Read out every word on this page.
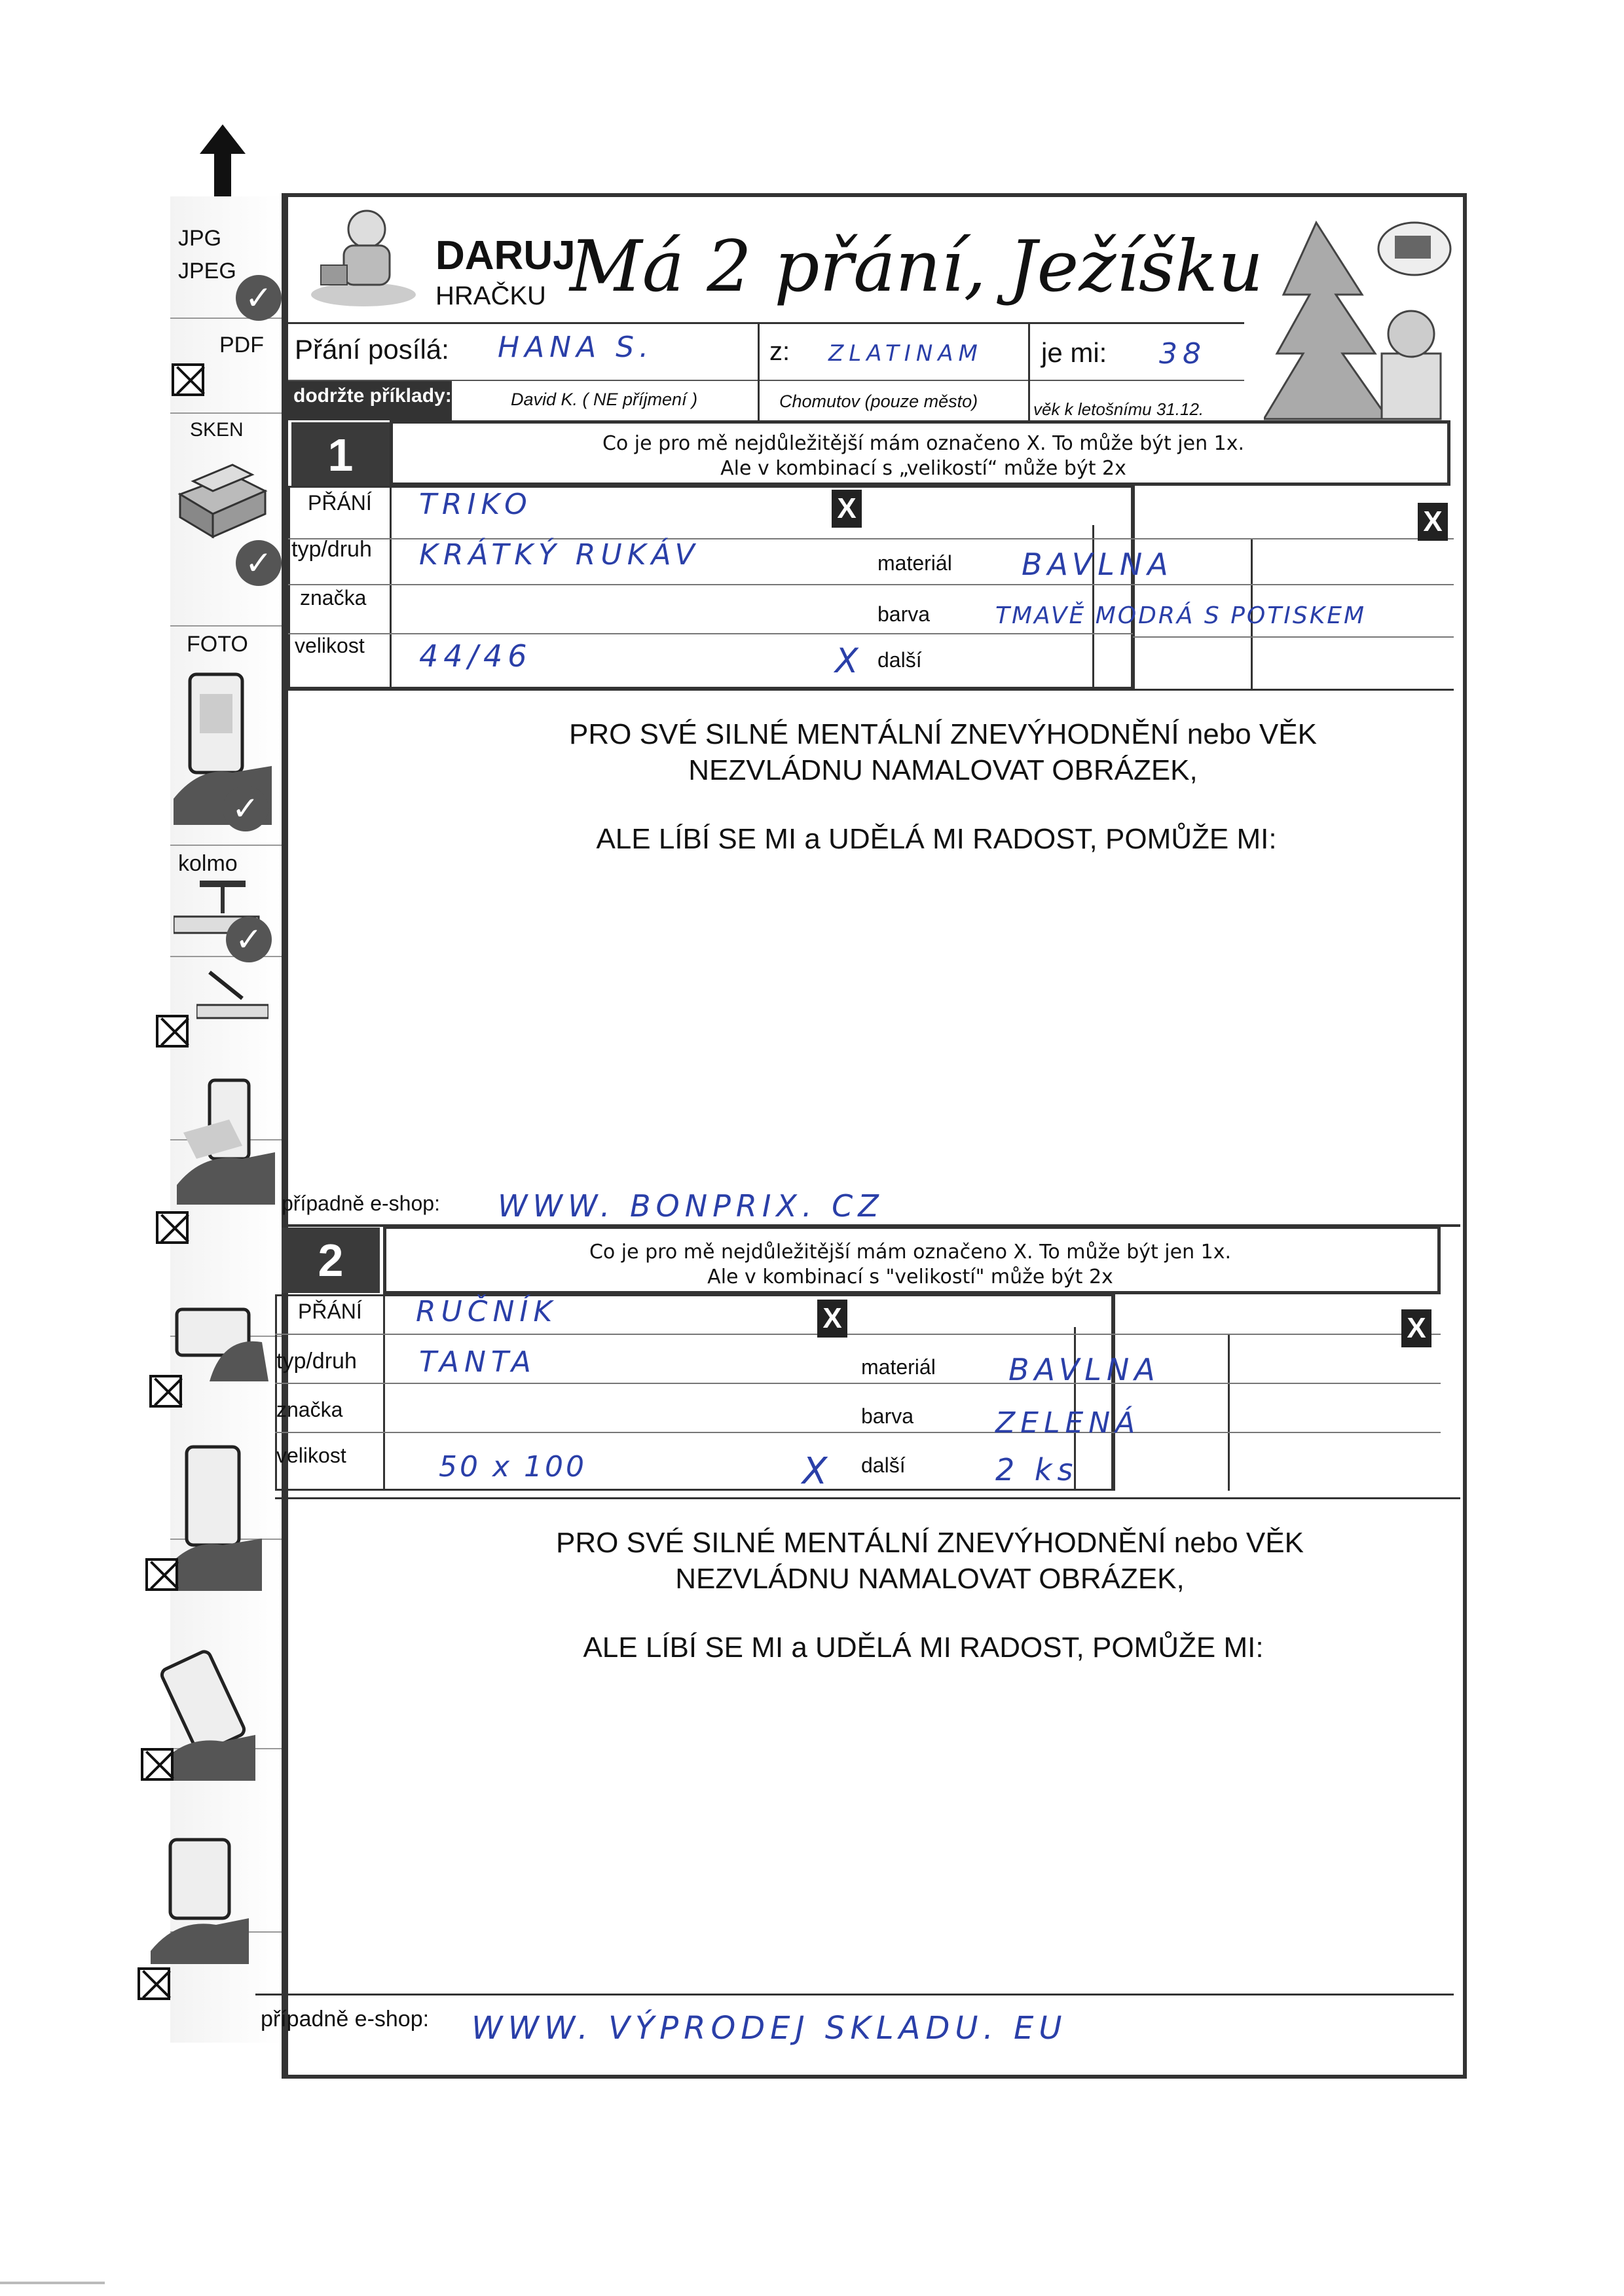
JPG
JPEG
✓
PDF
SKEN
✓
FOTO
✓
kolmo
✓
DARUJ
HRAČKU Má 2 přání, Ježíšku
Přání posílá: HANA S.	z: ZLATINAM je mi: 38
dodržte příklady:	David K. ( NE příjmení )	Chomutov (pouze město)	věk k letošnímu 31.12.
1	Co je pro mě nejdůležitější mám označeno X. To může být jen 1x.
Ale v kombinací s „velikostí“ může být 2x
X	X
PŘÁNÍ TRIKO
typ/druh KRÁTKÝ RUKÁV
značka
velikost 44/46	X
materiál BAVLNA
barva	TMAVĚ MODRÁ S POTISKEM
další
PRO SVÉ SILNÉ MENTÁLNÍ ZNEVÝHODNĚNÍ nebo VĚK
NEZVLÁDNU NAMALOVAT OBRÁZEK,
ALE LÍBÍ SE MI a UDĚLÁ MI RADOST, POMŮŽE MI:
případně e-shop: WWW. BONPRIX. CZ
2	Co je pro mě nejdůležitější mám označeno X. To může být jen 1x.
Ale v kombinací s "velikostí" může být 2x
X	X
PŘÁNÍ RUČNÍK
typ/druh TANTA
značka
velikost	50 x 100	X
materiál BAVLNA
barva	ZELENÁ
další	2 ks
PRO SVÉ SILNÉ MENTÁLNÍ ZNEVÝHODNĚNÍ nebo VĚK
NEZVLÁDNU NAMALOVAT OBRÁZEK,
ALE LÍBÍ SE MI a UDĚLÁ MI RADOST, POMŮŽE MI:
případně e-shop: WWW. VÝPRODEJ SKLADU. EU
